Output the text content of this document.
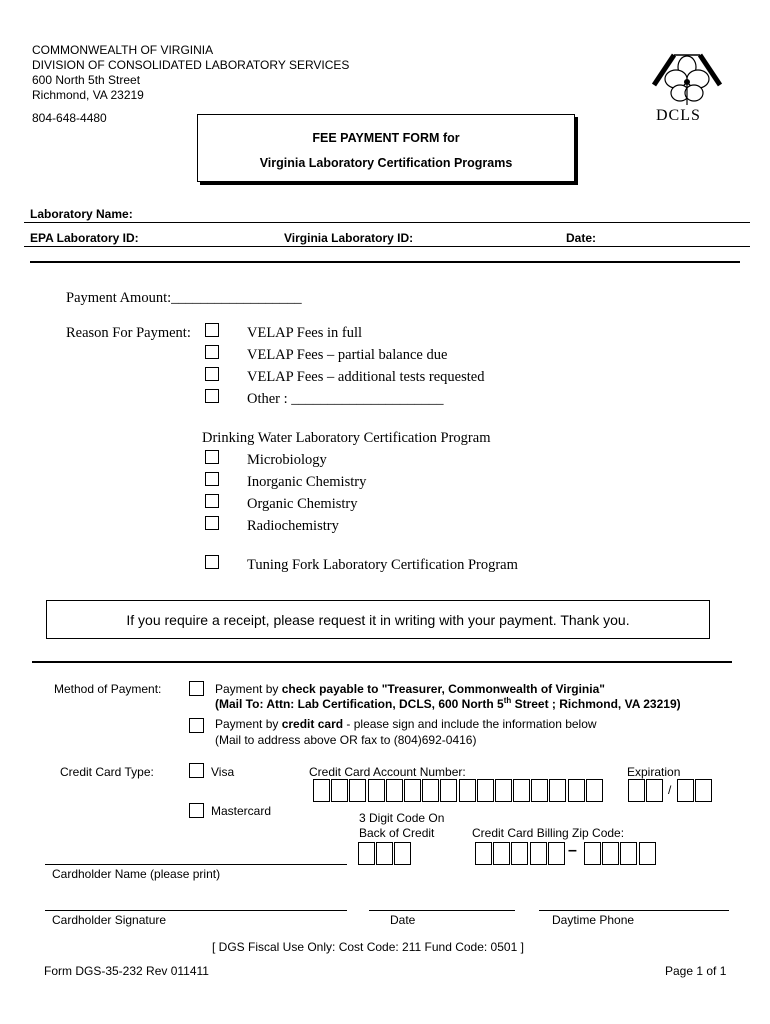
COMMONWEALTH OF VIRGINIA
DIVISION OF CONSOLIDATED LABORATORY SERVICES
600 North 5th Street
Richmond, VA 23219
804-648-4480	DCLS
FEE PAYMENT FORM for
Virginia Laboratory Certification Programs
Laboratory Name:
EPA Laboratory ID:	Virginia Laboratory ID:	Date:
Payment Amount:__________________
Reason For Payment:	VELAP Fees in full
VELAP Fees – partial balance due
VELAP Fees – additional tests requested
Other : _____________________
Drinking Water Laboratory Certification Program
Microbiology
Inorganic Chemistry
Organic Chemistry
Radiochemistry
Tuning Fork Laboratory Certification Program
If you require a receipt, please request it in writing with your payment. Thank you.
Method of Payment:	Payment by check payable to "Treasurer, Commonwealth of Virginia"
(Mail To: Attn: Lab Certification, DCLS, 600 North 5th Street ; Richmond, VA 23219)
Payment by credit card - please sign and include the information below
(Mail to address above OR fax to (804)692-0416)
Credit Card Type:	Visa
Mastercard
Credit Card Account Number:	Expiration
/
3 Digit Code On
Back of Credit	Credit Card Billing Zip Code:
–
Cardholder Name (please print)
Cardholder Signature	Date	Daytime Phone
[ DGS Fiscal Use Only: Cost Code: 211 Fund Code: 0501 ]
Form DGS-35-232 Rev 011411	Page 1 of 1
